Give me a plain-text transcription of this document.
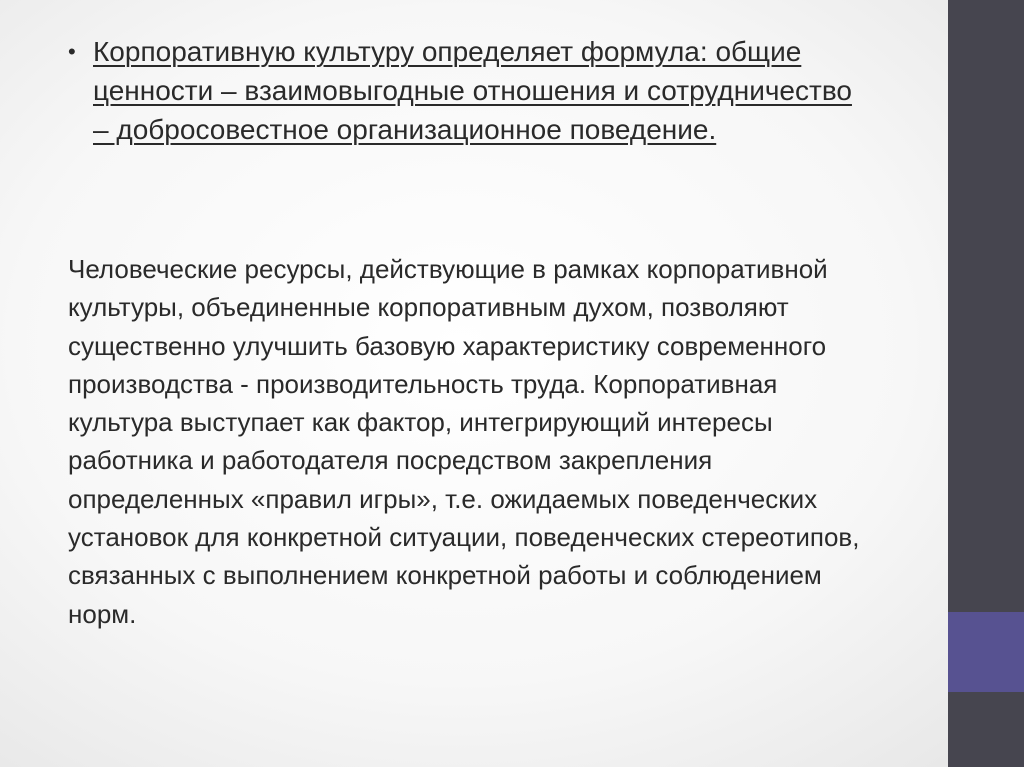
• Корпоративную культуру определяет формула: общие ценности – взаимовыгодные отношения и сотрудничество – добросовестное организационное поведение.

Человеческие ресурсы, действующие в рамках корпоративной культуры, объединенные корпоративным духом, позволяют существенно улучшить базовую характеристику современного производства - производительность труда. Корпоративная культура выступает как фактор, интегрирующий интересы работника и работодателя посредством закрепления определенных «правил игры», т.е. ожидаемых поведенческих установок для конкретной ситуации, поведенческих стереотипов, связанных с выполнением конкретной работы и соблюдением норм.
